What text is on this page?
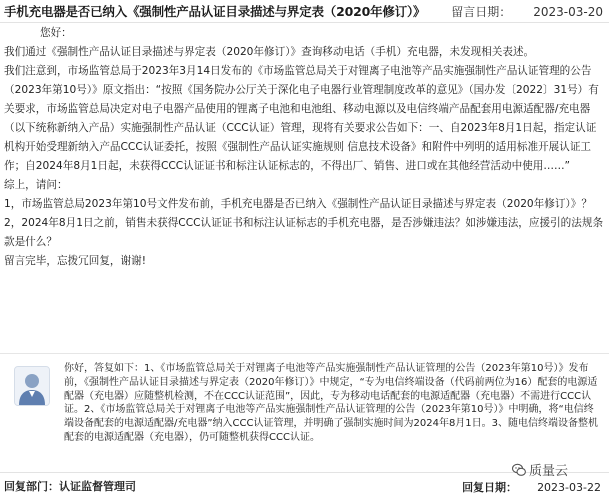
手机充电器是否已纳入《强制性产品认证目录描述与界定表（2020年修订）》 留言日期： 2023-03-20

您好：

我们通过《强制性产品认证目录描述与界定表（2020年修订）》查询移动电话（手机）充电器，未发现相关表述。

我们注意到，市场监管总局于2023年3月14日发布的《市场监管总局关于对锂离子电池等产品实施强制性产品认证管理的公告（2023年第10号）》原文指出：“按照《国务院办公厅关于深化电子电器行业管理制度改革的意见》（国办发〔2022〕31号）有关要求，市场监管总局决定对电子电器产品使用的锂离子电池和电池组、移动电源以及电信终端产品配套用电源适配器/充电器（以下统称新纳入产品）实施强制性产品认证（CCC认证）管理，现将有关要求公告如下：一、自2023年8月1日起，指定认证机构开始受理新纳入产品CCC认证委托，按照《强制性产品认证实施规则 信息技术设备》和附件中列明的适用标准开展认证工作；自2024年8月1日起，未获得CCC认证证书和标注认证标志的，不得出厂、销售、进口或在其他经营活动中使用……”

综上，请问：

1，市场监管总局2023年第10号文件发布前，手机充电器是否已纳入《强制性产品认证目录描述与界定表（2020年修订）》？

2，2024年8月1日之前，销售未获得CCC认证证书和标注认证标志的手机充电器，是否涉嫌违法？如涉嫌违法，应援引的法规条款是什么？

留言完毕，忘拨冗回复，谢谢!

你好，答复如下：1、《市场监管总局关于对锂离子电池等产品实施强制性产品认证管理的公告（2023年第10号）》发布前，《强制性产品认证目录描述与界定表（2020年修订）》中规定，“专为电信终端设备（代码前两位为16）配套的电源适配器（充电器）应随整机检测，不在CCC认证范围”，因此，专为移动电话配套的电源适配器（充电器）不需进行CCC认证。2、《市场监管总局关于对锂离子电池等产品实施强制性产品认证管理的公告（2023年第10号）》中明确，将“电信终端设备配套的电源适配器/充电器”纳入CCC认证管理，并明确了强制实施时间为2024年8月1日。3、随电信终端设备整机配套的电源适配器（充电器），仍可随整机获得CCC认证。
回复部门：认证监督管理司	回复日期： 2023-03-22
质量云
